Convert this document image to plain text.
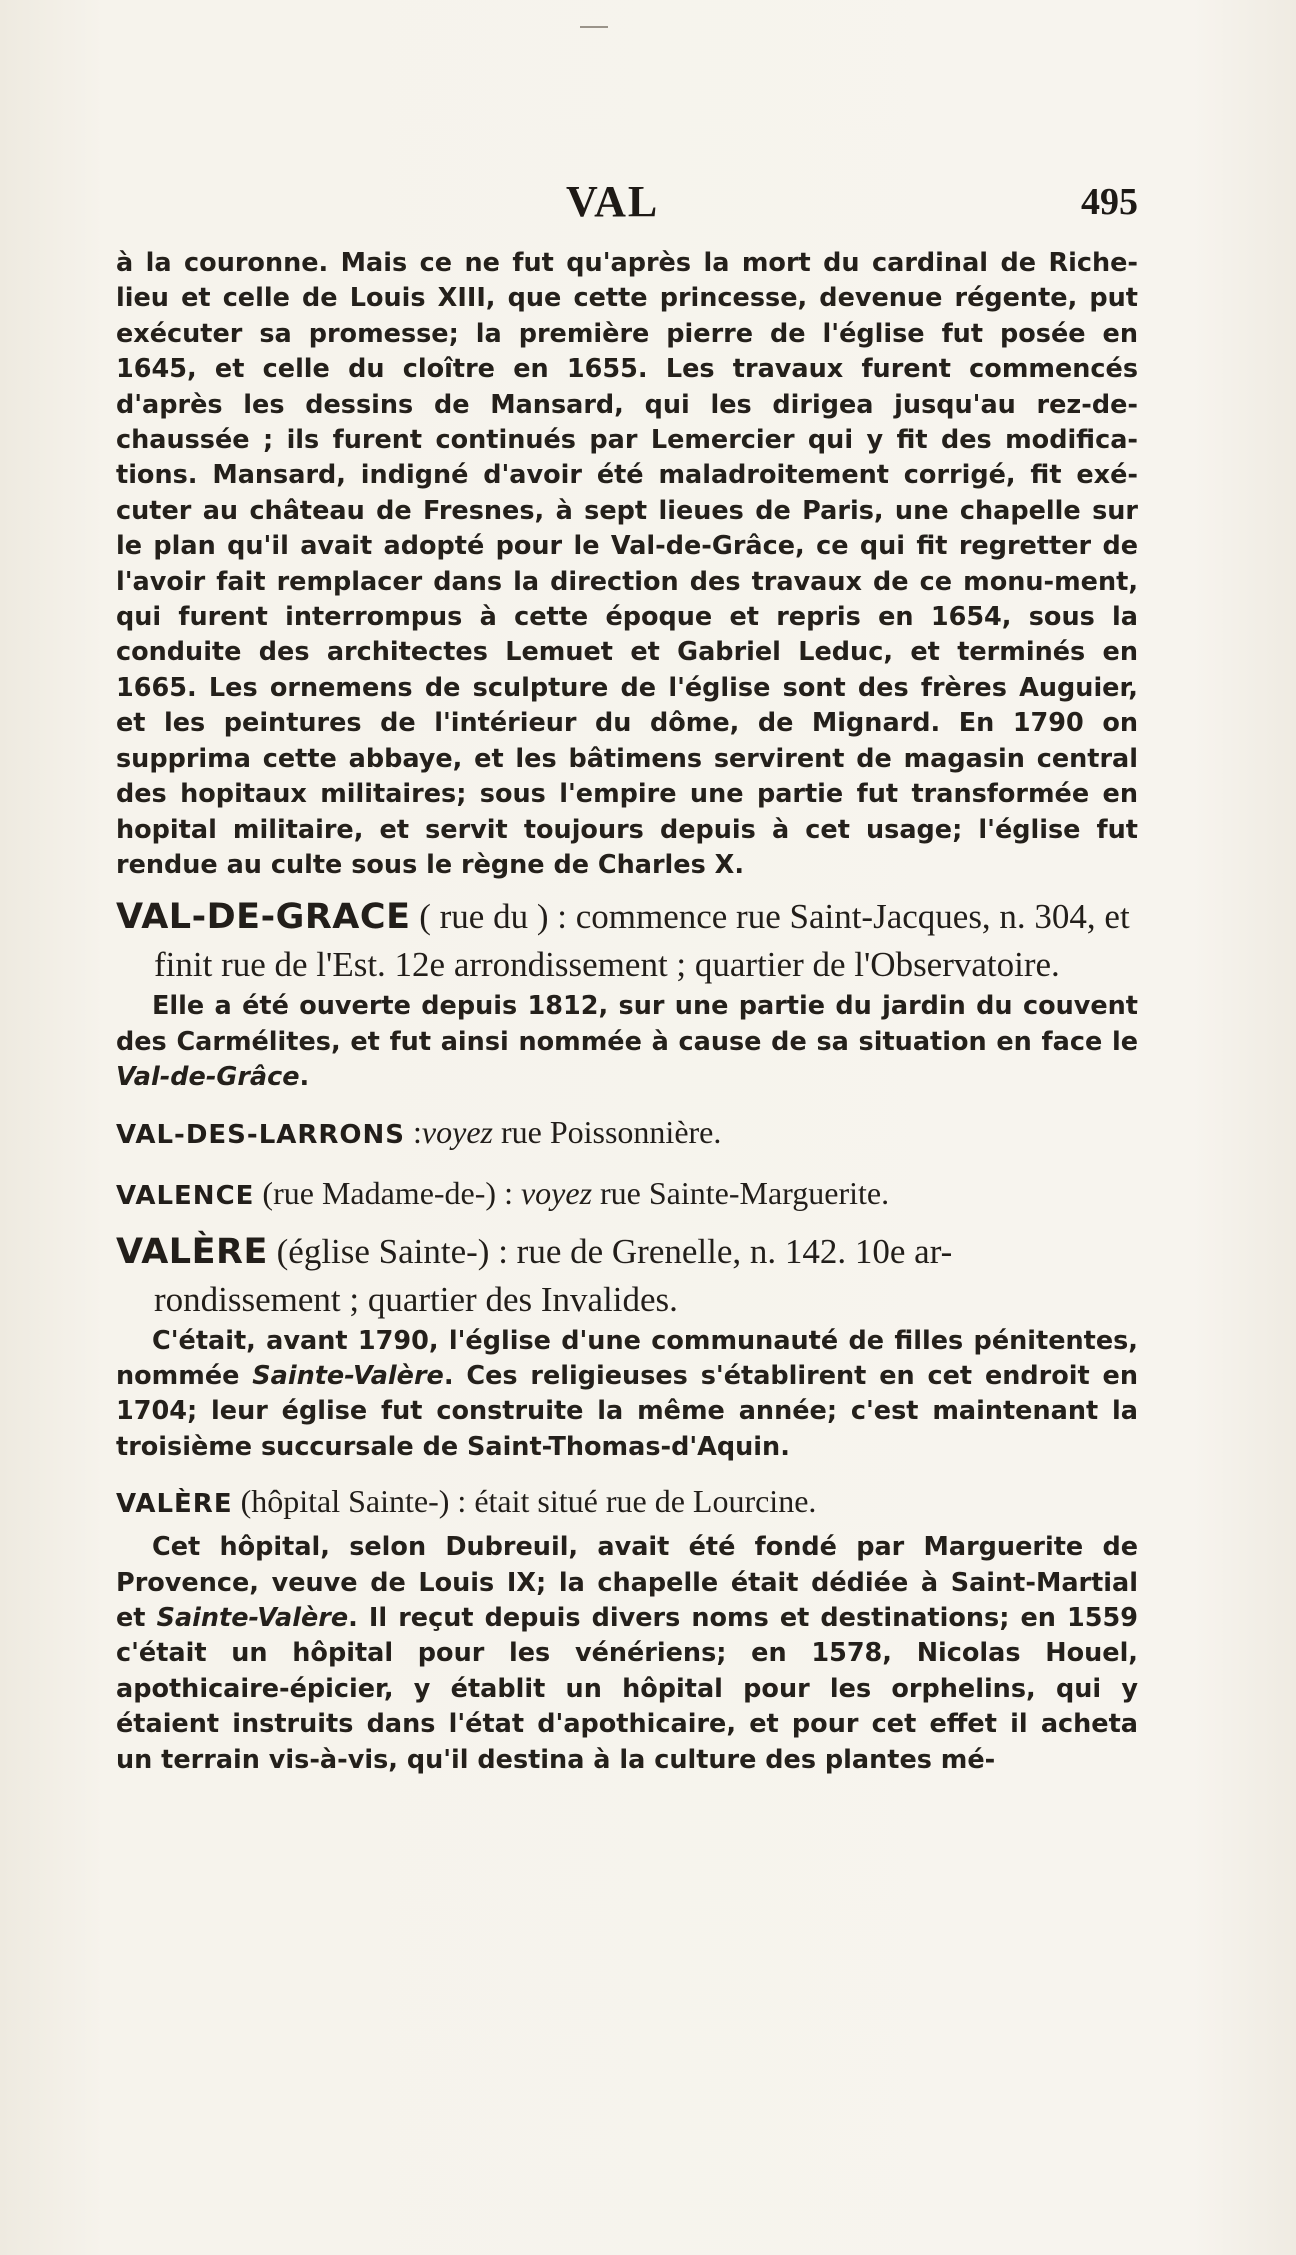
VAL	495

à la couronne. Mais ce ne fut qu'après la mort du cardinal de Riche-lieu et celle de Louis XIII, que cette princesse, devenue régente, put exécuter sa promesse; la première pierre de l'église fut posée en 1645, et celle du cloître en 1655. Les travaux furent commencés d'après les dessins de Mansard, qui les dirigea jusqu'au rez-de-chaussée ; ils furent continués par Lemercier qui y fit des modifica-tions. Mansard, indigné d'avoir été maladroitement corrigé, fit exé-cuter au château de Fresnes, à sept lieues de Paris, une chapelle sur le plan qu'il avait adopté pour le Val-de-Grâce, ce qui fit regretter de l'avoir fait remplacer dans la direction des travaux de ce monu-ment, qui furent interrompus à cette époque et repris en 1654, sous la conduite des architectes Lemuet et Gabriel Leduc, et terminés en 1665. Les ornemens de sculpture de l'église sont des frères Auguier, et les peintures de l'intérieur du dôme, de Mignard. En 1790 on supprima cette abbaye, et les bâtimens servirent de magasin central des hopitaux militaires; sous l'empire une partie fut transformée en hopital militaire, et servit toujours depuis à cet usage; l'église fut rendue au culte sous le règne de Charles X.

VAL-DE-GRACE ( rue du ) : commence rue Saint-Jacques, n. 304, et finit rue de l'Est. 12e arrondissement ; quartier de l'Observatoire.

Elle a été ouverte depuis 1812, sur une partie du jardin du couvent des Carmélites, et fut ainsi nommée à cause de sa situation en face le Val-de-Grâce.

VAL-DES-LARRONS :voyez rue Poissonnière.

VALENCE (rue Madame-de-) : voyez rue Sainte-Marguerite.

VALÈRE (église Sainte-) : rue de Grenelle, n. 142. 10e ar-rondissement ; quartier des Invalides.

C'était, avant 1790, l'église d'une communauté de filles pénitentes, nommée Sainte-Valère. Ces religieuses s'établirent en cet endroit en 1704; leur église fut construite la même année; c'est maintenant la troisième succursale de Saint-Thomas-d'Aquin.

VALÈRE (hôpital Sainte-) : était situé rue de Lourcine.

Cet hôpital, selon Dubreuil, avait été fondé par Marguerite de Provence, veuve de Louis IX; la chapelle était dédiée à Saint-Martial et Sainte-Valère. Il reçut depuis divers noms et destinations; en 1559 c'était un hôpital pour les vénériens; en 1578, Nicolas Houel, apothicaire-épicier, y établit un hôpital pour les orphelins, qui y étaient instruits dans l'état d'apothicaire, et pour cet effet il acheta un terrain vis-à-vis, qu'il destina à la culture des plantes mé-
